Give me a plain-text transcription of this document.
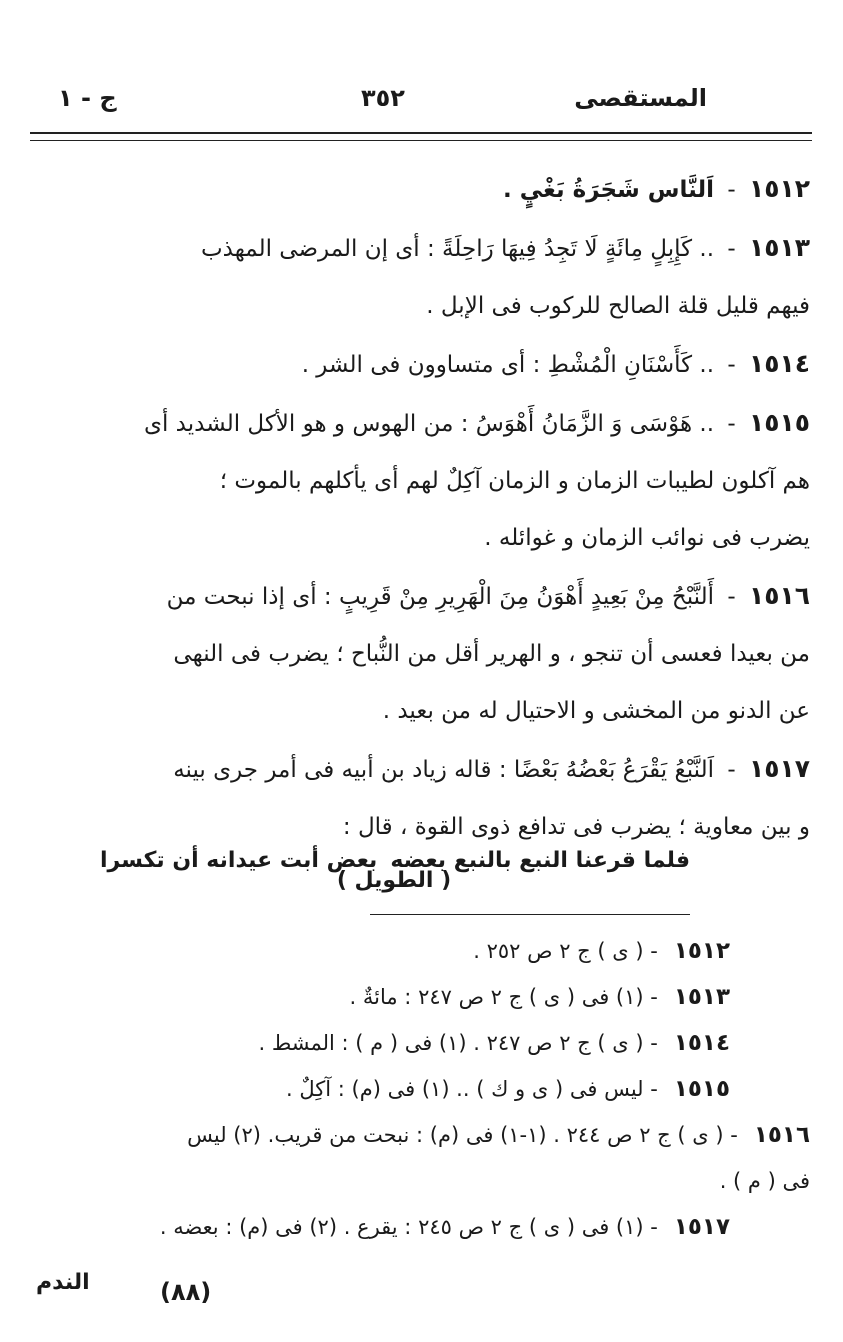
المستقصى
٣٥٢
ج - ١
١٥١٢ - اَلنَّاس شَجَرَةُ بَغْيٍ .
١٥١٣ - .. كَإِبِلٍ مِائَةٍ لَا تَجِدُ فِيهَا رَاحِلَةً : أى إن المرضى المهذب
فيهم قليل قلة الصالح للركوب فى الإبل .
١٥١٤ - .. كَأَسْنَانِ الْمُشْطِ : أى متساوون فى الشر .
١٥١٥ - .. هَوْسَى وَ الزَّمَانُ أَهْوَسُ : من الهوس و هو الأكل الشديد أى
هم آكلون لطيبات الزمان و الزمان آكِلٌ لهم أى يأكلهم بالموت ؛
يضرب فى نوائب الزمان و غوائله .
١٥١٦ - أَلنَّبْحُ مِنْ بَعِيدٍ أَهْوَنُ مِنَ الْهَرِيرِ مِنْ قَرِيبٍ : أى إذا نبحت من
من بعيدا فعسى أن تنجو ، و الهرير أقل من النُّباح ؛ يضرب فى النهى
عن الدنو من المخشى و الاحتيال له من بعيد .
١٥١٧ - اَلنَّبْعُ يَقْرَعُ بَعْضُهُ بَعْضًا : قاله زياد بن أبيه فى أمر جرى بينه
و بين معاوية ؛ يضرب فى تدافع ذوى القوة ، قال :
( الطويل )
فلما قرعنا النبع بالنبع بعضه
بعض أبت عيدانه أن تكسرا
١٥١٢- ( ى ) ج ٢ ص ٢٥٢ .
١٥١٣- (١) فى ( ى ) ج ٢ ص ٢٤٧ : مائةٌ .
١٥١٤- ( ى ) ج ٢ ص ٢٤٧ . (١) فى ( م ) : المشط .
١٥١٥- ليس فى ( ى و ك ) .. (١) فى (م) : آكِلٌ .
١٥١٦- ( ى ) ج ٢ ص ٢٤٤ . (١-١) فى (م) : نبحت من قريب. (٢) ليس
فى ( م ) .
١٥١٧- (١) فى ( ى ) ج ٢ ص ٢٤٥ : يقرع . (٢) فى (م) : بعضه .
الندم	(٨٨)
